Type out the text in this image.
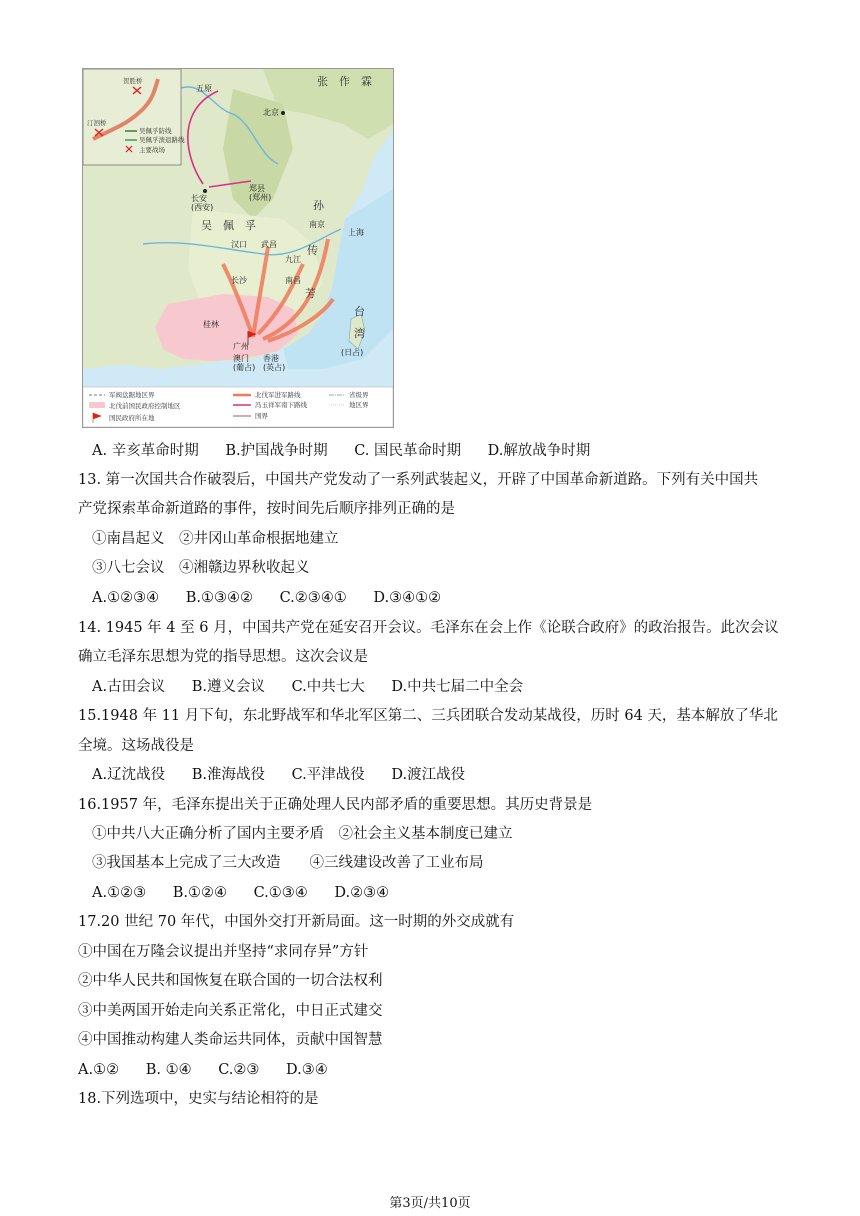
贺胜桥
汀泗桥
吴佩孚防线
吴佩孚溃退路线
主要战场
张 作 霖
吴 佩 孚
孙
传
芳
台
湾
五原
北京
长安
(西安)
郑县
(郑州)
南京
上海
汉口 武昌
九江
长沙	南昌
桂林
广州
澳门
(葡占)
香港
(英占)
(日占)
军阀盘踞地区界
北伐前国民政府控制地区
国民政府所在地
北伐军进军路线
冯玉祥军南下路线
国界
省级界
地区界
A. 辛亥革命时期 B.护国战争时期 C. 国民革命时期 D.解放战争时期
13. 第一次国共合作破裂后，中国共产党发动了一系列武装起义，开辟了中国革命新道路。下列有关中国共
产党探索革命新道路的事件，按时间先后顺序排列正确的是
①南昌起义　②井冈山革命根据地建立
③八七会议　④湘赣边界秋收起义
A.①②③④ B.①③④② C.②③④① D.③④①②
14. 1945 年 4 至 6 月，中国共产党在延安召开会议。毛泽东在会上作《论联合政府》的政治报告。此次会议
确立毛泽东思想为党的指导思想。这次会议是
A.古田会议 B.遵义会议 C.中共七大 D.中共七届二中全会
15.1948 年 11 月下旬，东北野战军和华北军区第二、三兵团联合发动某战役，历时 64 天，基本解放了华北
全境。这场战役是
A.辽沈战役 B.淮海战役 C.平津战役 D.渡江战役
16.1957 年，毛泽东提出关于正确处理人民内部矛盾的重要思想。其历史背景是
①中共八大正确分析了国内主要矛盾　②社会主义基本制度已建立
③我国基本上完成了三大改造　　④三线建设改善了工业布局
A.①②③ B.①②④ C.①③④ D.②③④
17.20 世纪 70 年代，中国外交打开新局面。这一时期的外交成就有
①中国在万隆会议提出并坚持“求同存异”方针
②中华人民共和国恢复在联合国的一切合法权利
③中美两国开始走向关系正常化，中日正式建交
④中国推动构建人类命运共同体，贡献中国智慧
A.①② B. ①④ C.②③ D.③④
18.下列选项中，史实与结论相符的是
第3页/共10页
